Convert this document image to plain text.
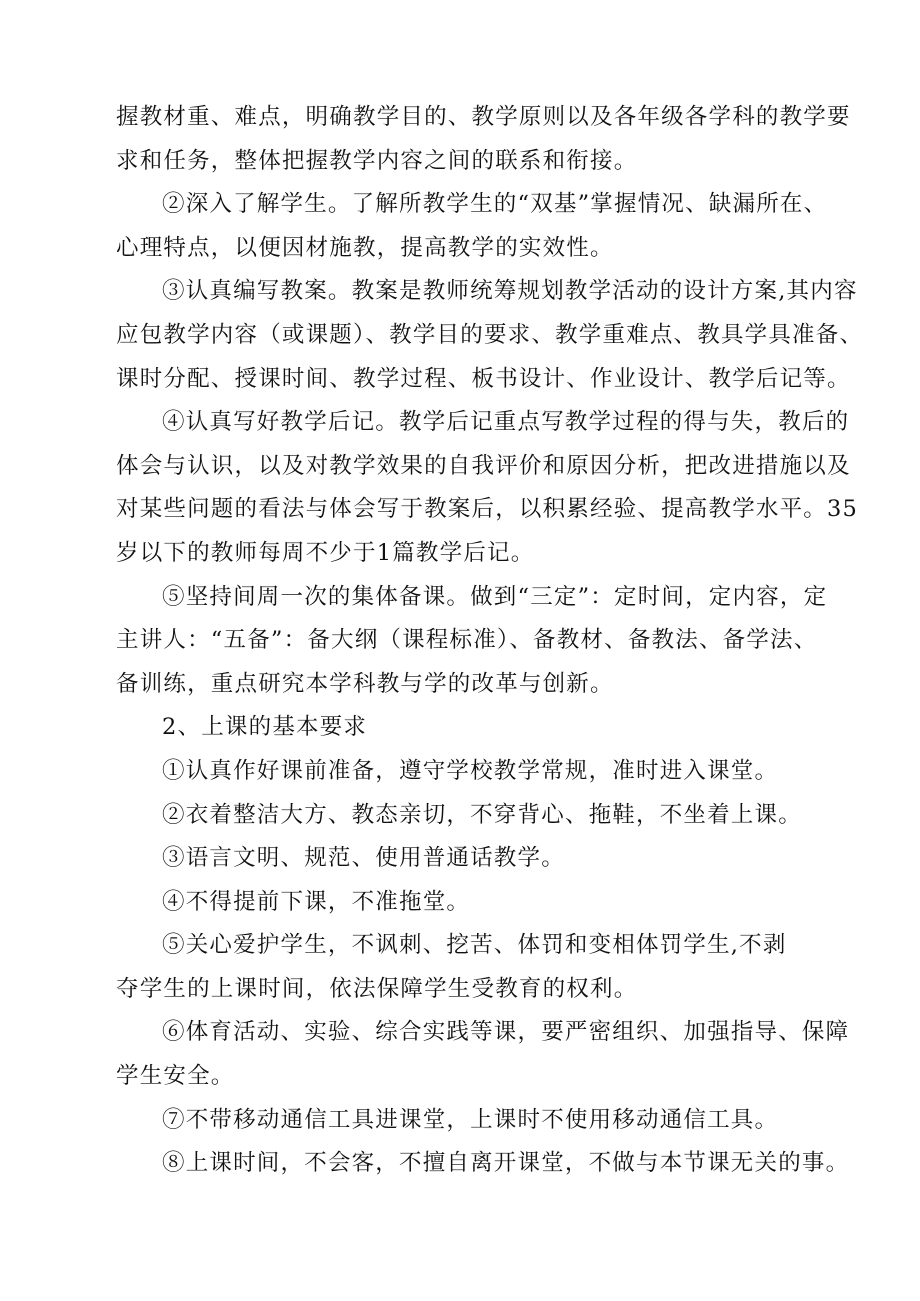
握教材重、难点，明确教学目的、教学原则以及各年级各学科的教学要

求和任务，整体把握教学内容之间的联系和衔接。

②深入了解学生。了解所教学生的“双基”掌握情况、缺漏所在、

心理特点，以便因材施教，提高教学的实效性。

③认真编写教案。教案是教师统筹规划教学活动的设计方案,其内容

应包教学内容（或课题）、教学目的要求、教学重难点、教具学具准备、

课时分配、授课时间、教学过程、板书设计、作业设计、教学后记等。

④认真写好教学后记。教学后记重点写教学过程的得与失，教后的

体会与认识，以及对教学效果的自我评价和原因分析，把改进措施以及

对某些问题的看法与体会写于教案后，以积累经验、提高教学水平。35

岁以下的教师每周不少于1篇教学后记。

⑤坚持间周一次的集体备课。做到“三定”：定时间，定内容，定

主讲人：“五备”：备大纲（课程标准）、备教材、备教法、备学法、

备训练，重点研究本学科教与学的改革与创新。

2、上课的基本要求

①认真作好课前准备，遵守学校教学常规，准时进入课堂。

②衣着整洁大方、教态亲切，不穿背心、拖鞋，不坐着上课。

③语言文明、规范、使用普通话教学。

④不得提前下课，不准拖堂。

⑤关心爱护学生，不讽刺、挖苦、体罚和变相体罚学生,不剥

夺学生的上课时间，依法保障学生受教育的权利。

⑥体育活动、实验、综合实践等课，要严密组织、加强指导、保障

学生安全。

⑦不带移动通信工具进课堂，上课时不使用移动通信工具。

⑧上课时间，不会客，不擅自离开课堂，不做与本节课无关的事。
